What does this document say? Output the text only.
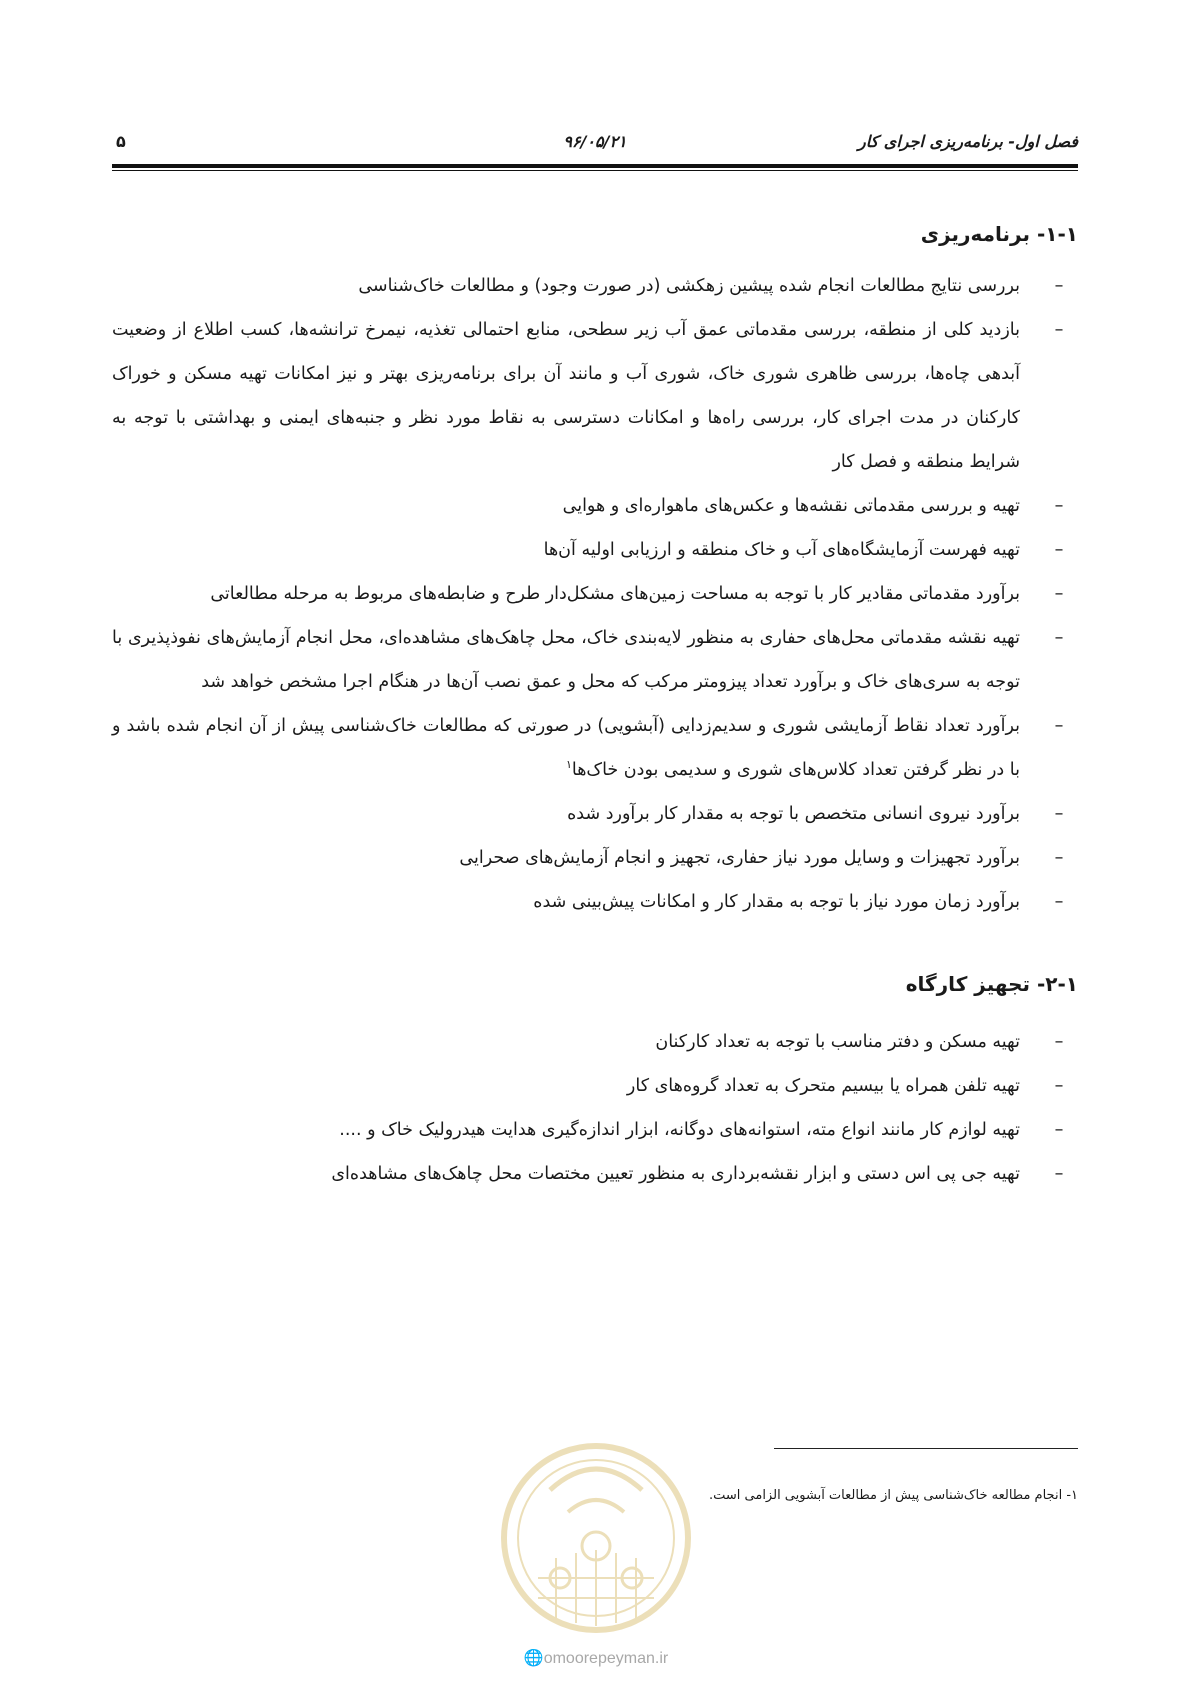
فصل اول- برنامه‌ریزی اجرای کار
۹۶/۰۵/۲۱
۵
۱-۱- برنامه‌ریزی
–
بررسی نتایج مطالعات انجام شده پیشین زهکشی (در صورت وجود) و مطالعات خاک‌شناسی
–
بازدید کلی از منطقه، بررسی مقدماتی عمق آب زیر سطحی، منابع احتمالی تغذیه، نیمرخ ترانشه‌ها، کسب اطلاع از وضعیت آبدهی چاه‌ها، بررسی ظاهری شوری خاک، شوری آب و مانند آن برای برنامه‌ریزی بهتر و نیز امکانات تهیه مسکن و خوراک کارکنان در مدت اجرای کار، بررسی راه‌ها و امکانات دسترسی به نقاط مورد نظر و جنبه‌های ایمنی و بهداشتی با توجه به شرایط منطقه و فصل کار
–
تهیه و بررسی مقدماتی نقشه‌ها و عکس‌های ماهواره‌ای و هوایی
–
تهیه فهرست آزمایشگاه‌های آب و خاک منطقه و ارزیابی اولیه آن‌ها
–
برآورد مقدماتی مقادیر کار با توجه به مساحت زمین‌های مشکل‌دار طرح و ضابطه‌های مربوط به مرحله مطالعاتی
–
تهیه نقشه مقدماتی محل‌های حفاری به منظور لایه‌بندی خاک، محل چاهک‌های مشاهده‌ای، محل انجام آزمایش‌های نفوذپذیری با توجه به سری‌های خاک و برآورد تعداد پیزومتر مرکب که محل و عمق نصب آن‌ها در هنگام اجرا مشخص خواهد شد
–
برآورد تعداد نقاط آزمایشی شوری و سدیم‌زدایی (آبشویی) در صورتی که مطالعات خاک‌شناسی پیش از آن انجام شده باشد و با در نظر گرفتن تعداد کلاس‌های شوری و سدیمی بودن خاک‌ها$^۱$
–
برآورد نیروی انسانی متخصص با توجه به مقدار کار برآورد شده
–
برآورد تجهیزات و وسایل مورد نیاز حفاری، تجهیز و انجام آزمایش‌های صحرایی
–
برآورد زمان مورد نیاز با توجه به مقدار کار و امکانات پیش‌بینی شده
۲-۱- تجهیز کارگاه
–
تهیه مسکن و دفتر مناسب با توجه به تعداد کارکنان
–
تهیه تلفن همراه یا بیسیم متحرک به تعداد گروه‌های کار
–
تهیه لوازم کار مانند انواع مته، استوانه‌های دوگانه، ابزار اندازه‌گیری هدایت هیدرولیک خاک و ....
–
تهیه جی پی اس دستی و ابزار نقشه‌برداری به منظور تعیین مختصات محل چاهک‌های مشاهده‌ای
۱- انجام مطالعه خاک‌شناسی پیش از مطالعات آبشویی الزامی است.
🌐omoorepeyman.ir
